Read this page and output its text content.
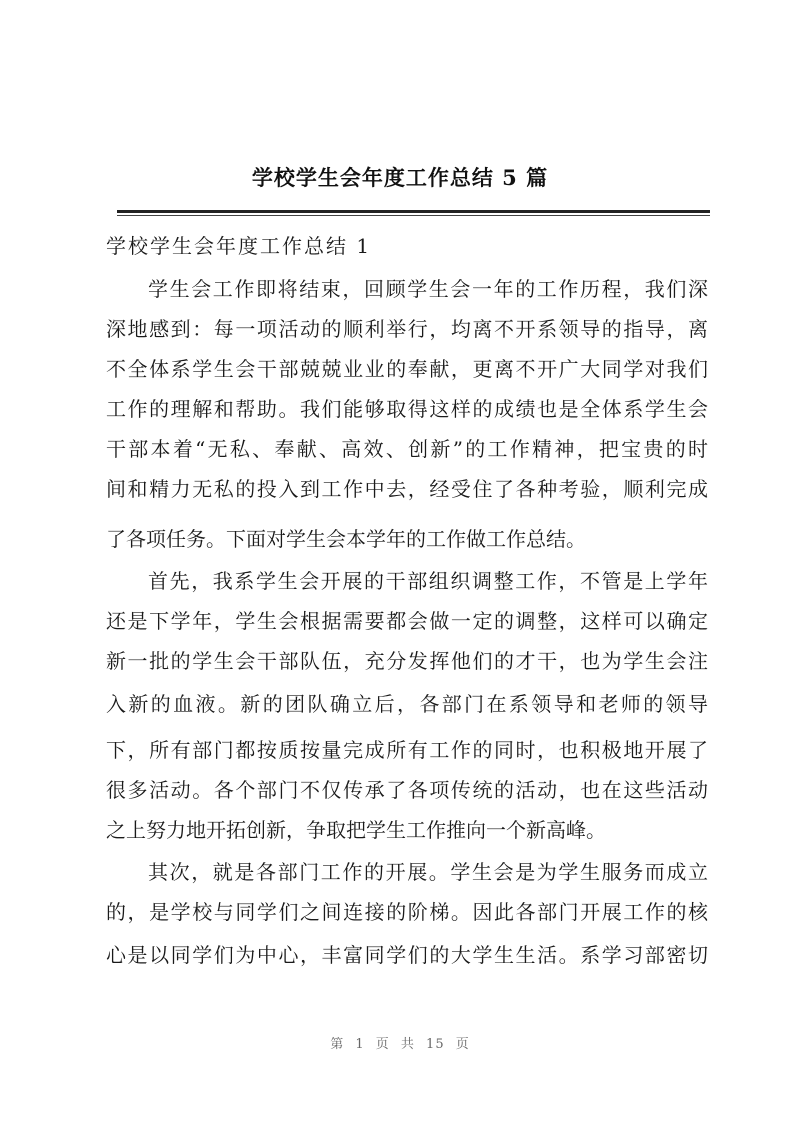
学校学生会年度工作总结 5 篇
学校学生会年度工作总结 1
学生会工作即将结束，回顾学生会一年的工作历程，我们深
深地感到：每一项活动的顺利举行，均离不开系领导的指导，离
不全体系学生会干部兢兢业业的奉献，更离不开广大同学对我们
工作的理解和帮助。我们能够取得这样的成绩也是全体系学生会
干部本着“无私、奉献、高效、创新”的工作精神，把宝贵的时
间和精力无私的投入到工作中去，经受住了各种考验，顺利完成
了各项任务。下面对学生会本学年的工作做工作总结。
首先，我系学生会开展的干部组织调整工作，不管是上学年
还是下学年，学生会根据需要都会做一定的调整，这样可以确定
新一批的学生会干部队伍，充分发挥他们的才干，也为学生会注
入新的血液。新的团队确立后，各部门在系领导和老师的领导
下，所有部门都按质按量完成所有工作的同时，也积极地开展了
很多活动。各个部门不仅传承了各项传统的活动，也在这些活动
之上努力地开拓创新，争取把学生工作推向一个新高峰。
其次，就是各部门工作的开展。学生会是为学生服务而成立
的，是学校与同学们之间连接的阶梯。因此各部门开展工作的核
心是以同学们为中心，丰富同学们的大学生生活。系学习部密切
第 1 页 共 15 页
